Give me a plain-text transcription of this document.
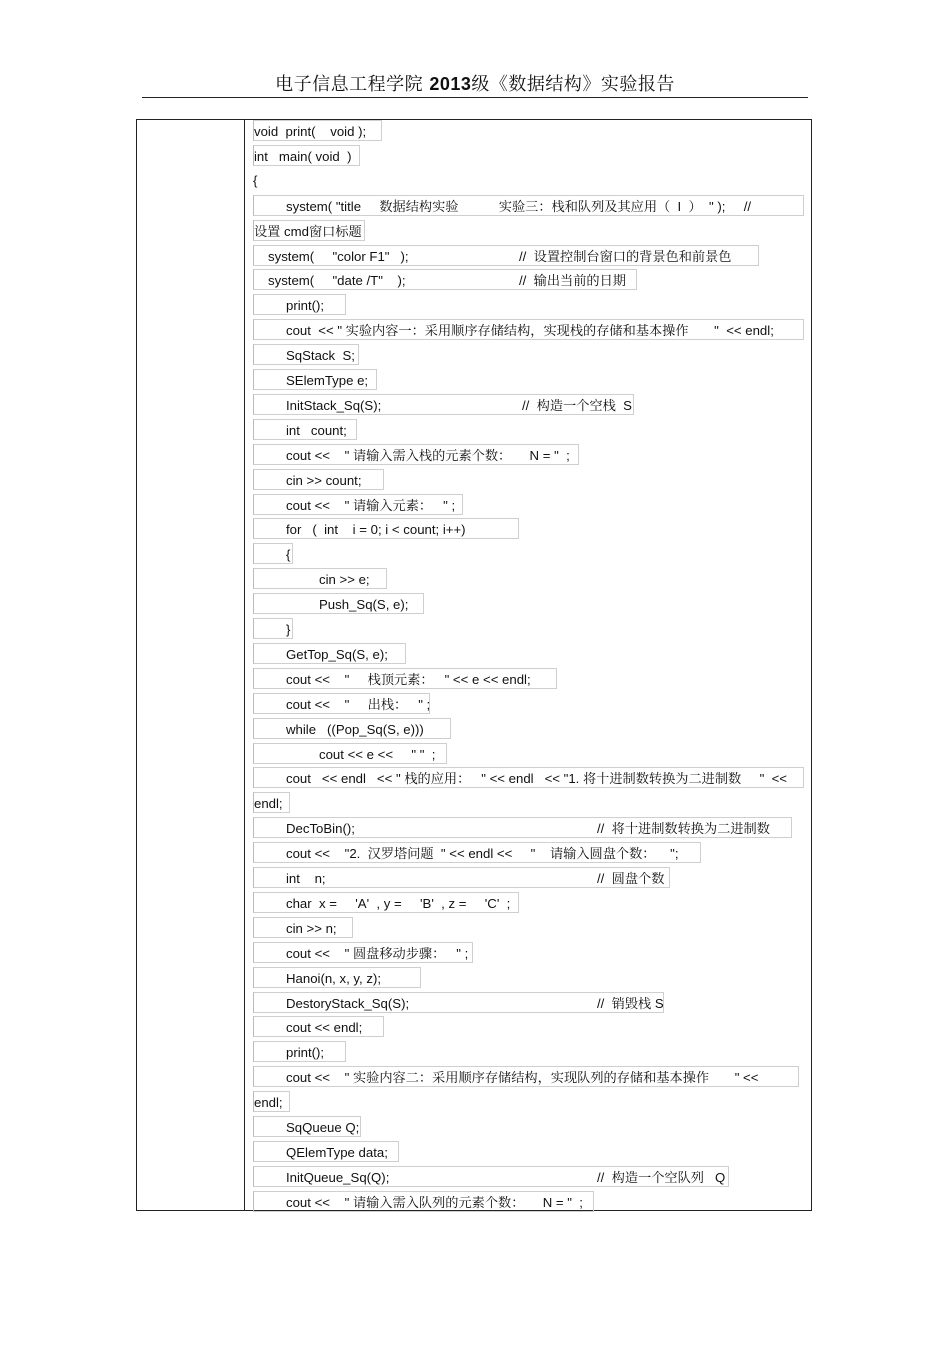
电子信息工程学院 2013级《数据结构》实验报告
void  print(    void );
int   main( void  )
{
system( "title     数据结构实验           实验三：栈和队列及其应用（  I  ）  " );     //
设置 cmd窗口标题
system(     "color F1"   );	//  设置控制台窗口的背景色和前景色
system(     "date /T"    );	//  输出当前的日期
print();
cout  << " 实验内容一：采用顺序存储结构，实现栈的存储和基本操作       "  << endl;
SqStack  S;
SElemType e;
InitStack_Sq(S);	//  构造一个空栈  S
int   count;
cout <<    " 请输入需入栈的元素个数：     N = "  ;
cin >> count;
cout <<    " 请输入元素：   " ;
for   (  int    i = 0; i < count; i++)
{
cin >> e;
Push_Sq(S, e);
}
GetTop_Sq(S, e);
cout <<    "     栈顶元素：   " << e << endl;
cout <<    "     出栈：   " ;
while   ((Pop_Sq(S, e)))
cout << e <<     " "  ;
cout   << endl   << " 栈的应用：   " << endl   << "1. 将十进制数转换为二进制数     "  <<
endl;
DecToBin();	//  将十进制数转换为二进制数
cout <<    "2.  汉罗塔问题  " << endl <<     "    请输入圆盘个数：    ";
int    n;	//  圆盘个数
char  x =     'A'  , y =     'B'  , z =     'C'  ;
cin >> n;
cout <<    " 圆盘移动步骤：   " ;
Hanoi(n, x, y, z);
DestoryStack_Sq(S);	//  销毁栈 S
cout << endl;
print();
cout <<    " 实验内容二：采用顺序存储结构，实现队列的存储和基本操作       " <<
endl;
SqQueue Q;
QElemType data;
InitQueue_Sq(Q);	//  构造一个空队列   Q
cout <<    " 请输入需入队列的元素个数：     N = "  ;
